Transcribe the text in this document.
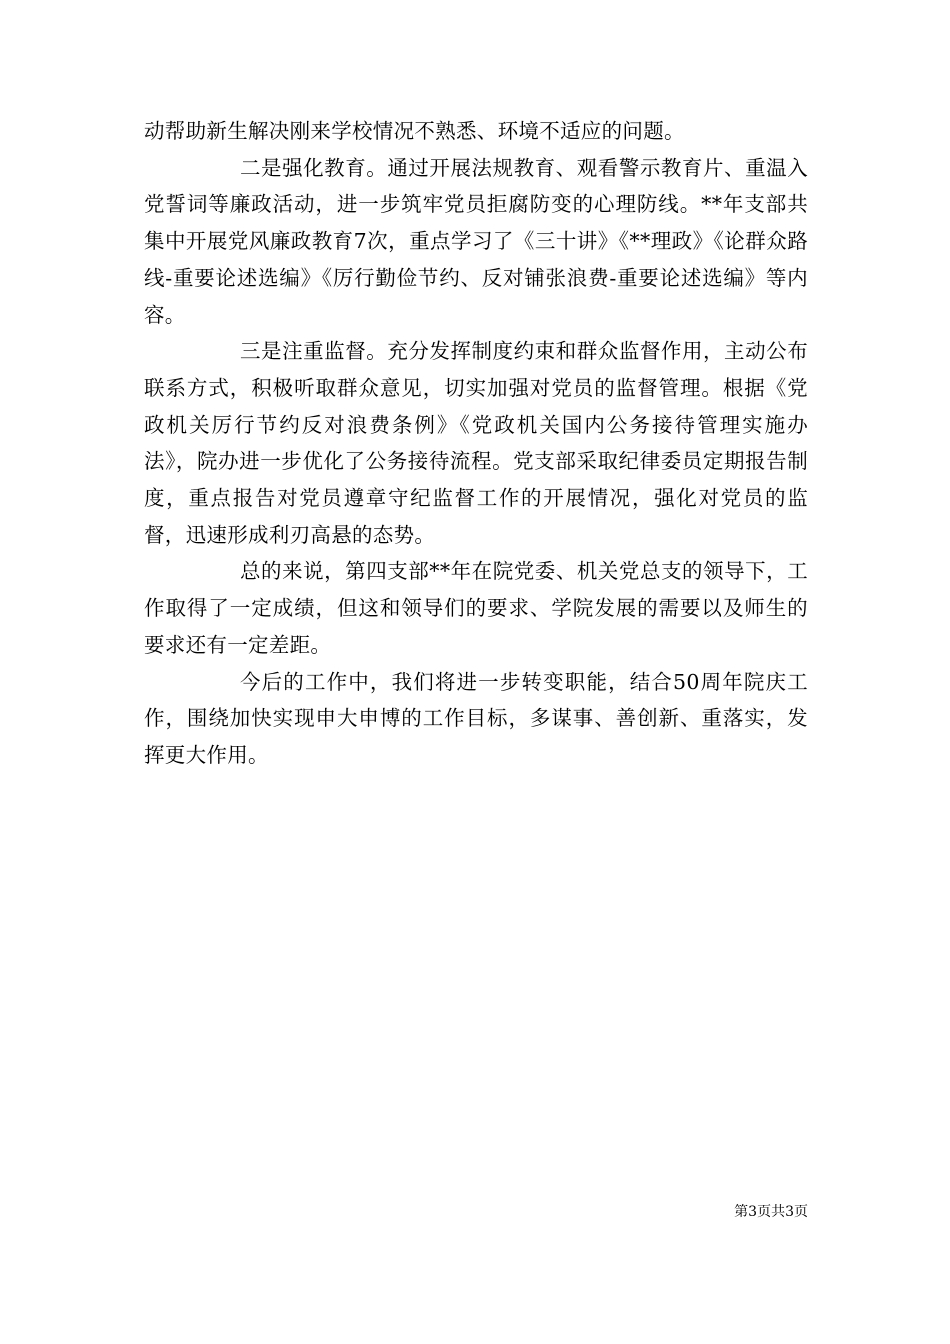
动帮助新生解决刚来学校情况不熟悉、环境不适应的问题。

二是强化教育。通过开展法规教育、观看警示教育片、重温入党誓词等廉政活动，进一步筑牢党员拒腐防变的心理防线。**年支部共集中开展党风廉政教育7次，重点学习了《三十讲》《**理政》《论群众路线-重要论述选编》《厉行勤俭节约、反对铺张浪费-重要论述选编》等内容。

三是注重监督。充分发挥制度约束和群众监督作用，主动公布联系方式，积极听取群众意见，切实加强对党员的监督管理。根据《党政机关厉行节约反对浪费条例》《党政机关国内公务接待管理实施办法》，院办进一步优化了公务接待流程。党支部采取纪律委员定期报告制度，重点报告对党员遵章守纪监督工作的开展情况，强化对党员的监督，迅速形成利刃高悬的态势。

总的来说，第四支部**年在院党委、机关党总支的领导下，工作取得了一定成绩，但这和领导们的要求、学院发展的需要以及师生的要求还有一定差距。

今后的工作中，我们将进一步转变职能，结合50周年院庆工作，围绕加快实现申大申博的工作目标，多谋事、善创新、重落实，发挥更大作用。

第3页共3页
